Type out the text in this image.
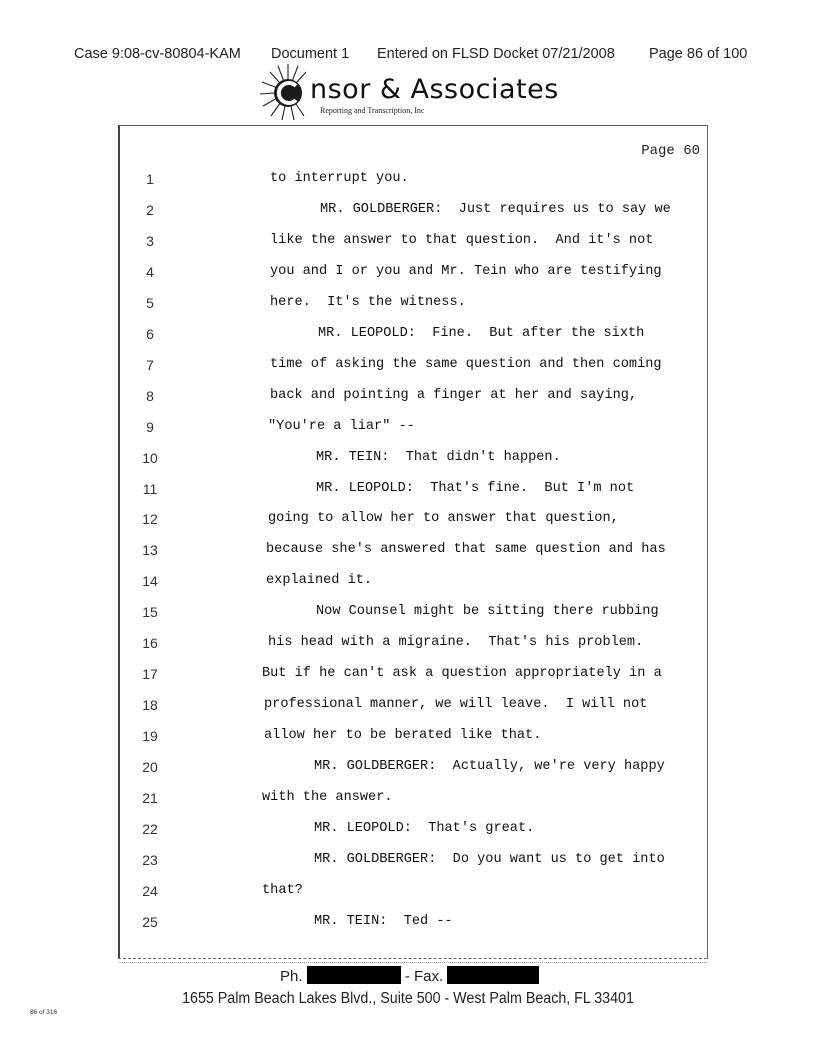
Case 9:08-cv-80804-KAM Document 1 Entered on FLSD Docket 07/21/2008 Page 86 of 100
nsor & Associates
Reporting and Transcription, Inc
Page 60
1	to interrupt you.
2	MR. GOLDBERGER:  Just requires us to say we
3	like the answer to that question.  And it's not
4	you and I or you and Mr. Tein who are testifying
5	here.  It's the witness.
6	MR. LEOPOLD:  Fine.  But after the sixth
7	time of asking the same question and then coming
8	back and pointing a finger at her and saying,
9	"You're a liar" --
10	MR. TEIN:  That didn't happen.
11	MR. LEOPOLD:  That's fine.  But I'm not
12	going to allow her to answer that question,
13	because she's answered that same question and has
14	explained it.
15	Now Counsel might be sitting there rubbing
16	his head with a migraine.  That's his problem.
17	But if he can't ask a question appropriately in a
18	professional manner, we will leave.  I will not
19	allow her to be berated like that.
20	MR. GOLDBERGER:  Actually, we're very happy
21	with the answer.
22	MR. LEOPOLD:  That's great.
23	MR. GOLDBERGER:  Do you want us to get into
24	that?
25	MR. TEIN:  Ted --
Ph.	- Fax.
1655 Palm Beach Lakes Blvd., Suite 500 - West Palm Beach, FL 33401
86 of 316
